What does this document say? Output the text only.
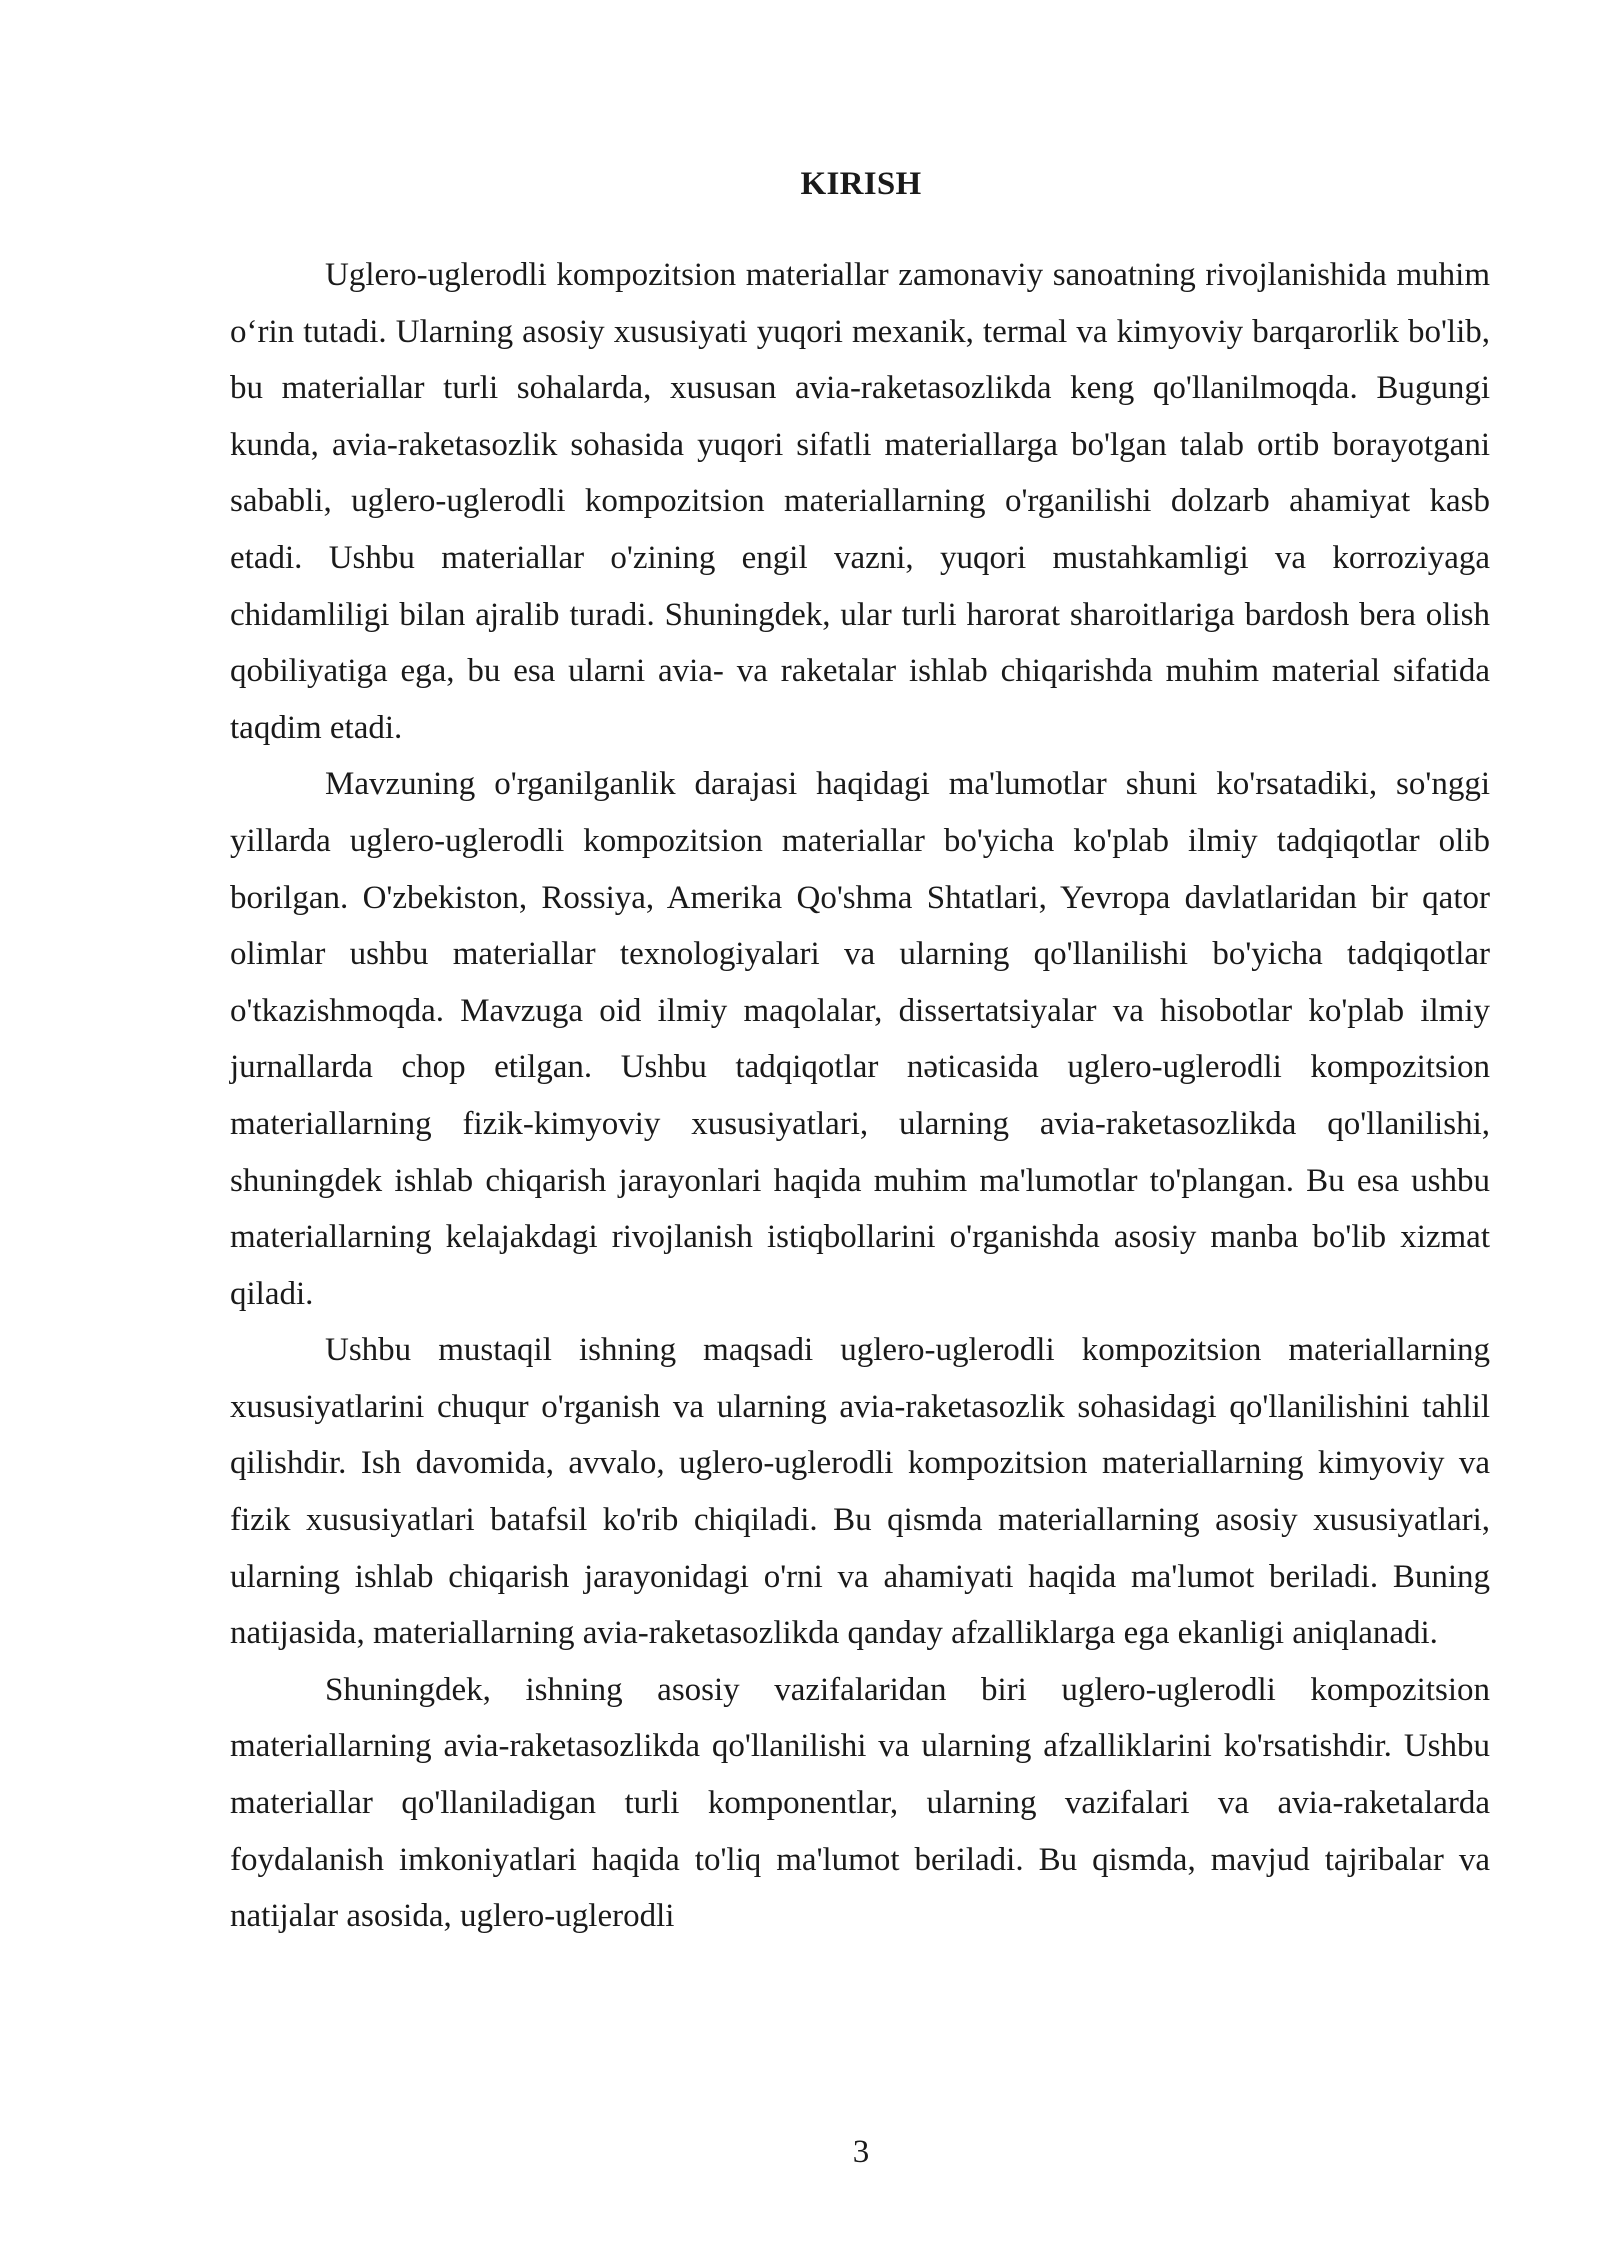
KIRISH

Uglero-uglerodli kompozitsion materiallar zamonaviy sanoatning rivojlanishida muhim o‘rin tutadi. Ularning asosiy xususiyati yuqori mexanik, termal va kimyoviy barqarorlik bo'lib, bu materiallar turli sohalarda, xususan avia-raketasozlikda keng qo'llanilmoqda. Bugungi kunda, avia-raketasozlik sohasida yuqori sifatli materiallarga bo'lgan talab ortib borayotgani sababli, uglero-uglerodli kompozitsion materiallarning o'rganilishi dolzarb ahamiyat kasb etadi. Ushbu materiallar o'zining engil vazni, yuqori mustahkamligi va korroziyaga chidamliligi bilan ajralib turadi. Shuningdek, ular turli harorat sharoitlariga bardosh bera olish qobiliyatiga ega, bu esa ularni avia- va raketalar ishlab chiqarishda muhim material sifatida taqdim etadi.

Mavzuning o'rganilganlik darajasi haqidagi ma'lumotlar shuni ko'rsatadiki, so'nggi yillarda uglero-uglerodli kompozitsion materiallar bo'yicha ko'plab ilmiy tadqiqotlar olib borilgan. O'zbekiston, Rossiya, Amerika Qo'shma Shtatlari, Yevropa davlatlaridan bir qator olimlar ushbu materiallar texnologiyalari va ularning qo'llanilishi bo'yicha tadqiqotlar o'tkazishmoqda. Mavzuga oid ilmiy maqolalar, dissertatsiyalar va hisobotlar ko'plab ilmiy jurnallarda chop etilgan. Ushbu tadqiqotlar nəticasida uglero-uglerodli kompozitsion materiallarning fizik-kimyoviy xususiyatlari, ularning avia-raketasozlikda qo'llanilishi, shuningdek ishlab chiqarish jarayonlari haqida muhim ma'lumotlar to'plangan. Bu esa ushbu materiallarning kelajakdagi rivojlanish istiqbollarini o'rganishda asosiy manba bo'lib xizmat qiladi.

Ushbu mustaqil ishning maqsadi uglero-uglerodli kompozitsion materiallarning xususiyatlarini chuqur o'rganish va ularning avia-raketasozlik sohasidagi qo'llanilishini tahlil qilishdir. Ish davomida, avvalo, uglero-uglerodli kompozitsion materiallarning kimyoviy va fizik xususiyatlari batafsil ko'rib chiqiladi. Bu qismda materiallarning asosiy xususiyatlari, ularning ishlab chiqarish jarayonidagi o'rni va ahamiyati haqida ma'lumot beriladi. Buning natijasida, materiallarning avia-raketasozlikda qanday afzalliklarga ega ekanligi aniqlanadi.

Shuningdek, ishning asosiy vazifalaridan biri uglero-uglerodli kompozitsion materiallarning avia-raketasozlikda qo'llanilishi va ularning afzalliklarini ko'rsatishdir. Ushbu materiallar qo'llaniladigan turli komponentlar, ularning vazifalari va avia-raketalarda foydalanish imkoniyatlari haqida to'liq ma'lumot beriladi. Bu qismda, mavjud tajribalar va natijalar asosida, uglero-uglerodli

3
